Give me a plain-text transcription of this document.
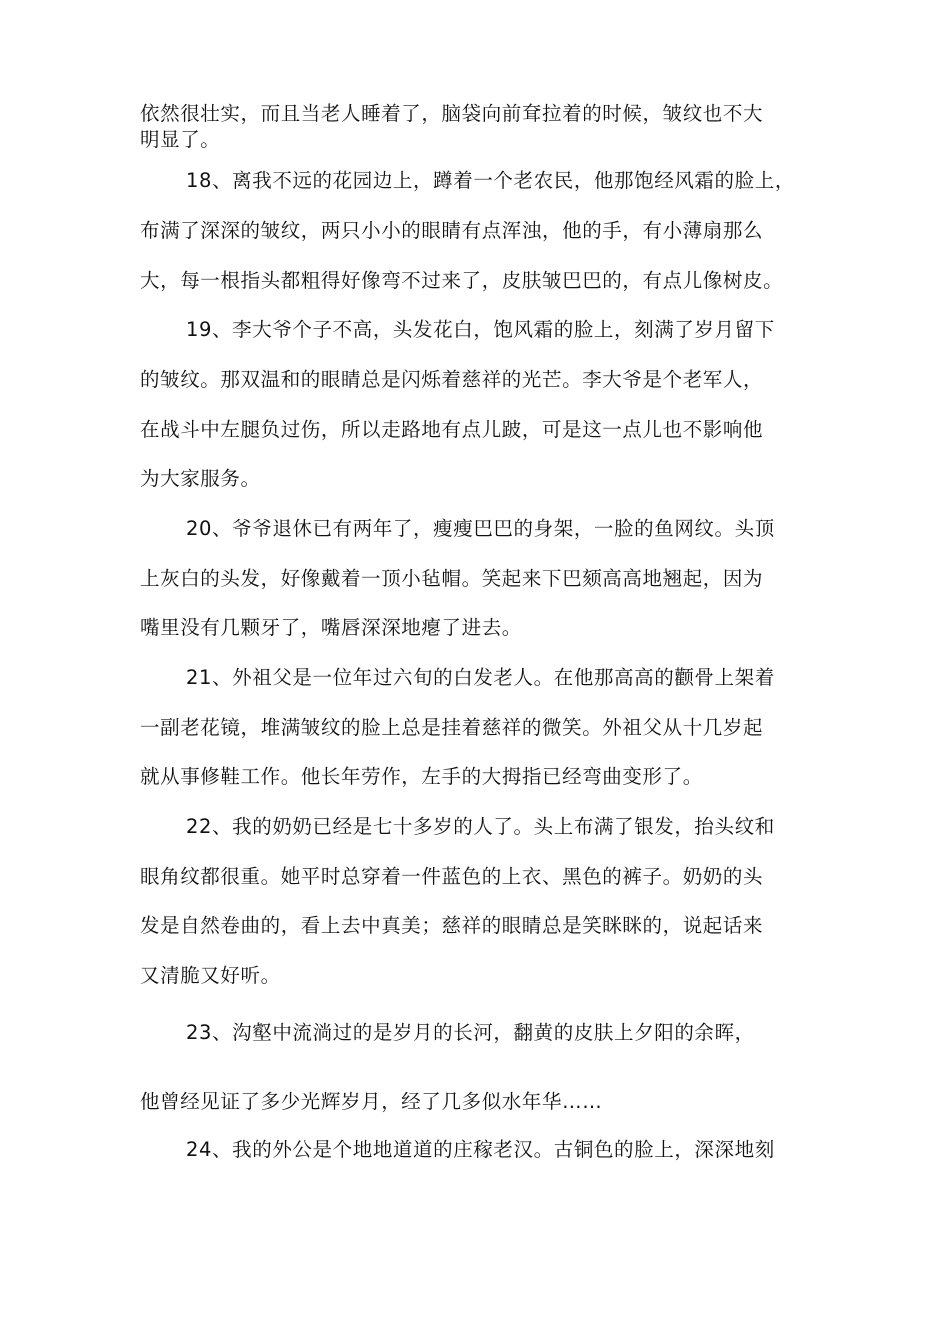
依然很壮实，而且当老人睡着了，脑袋向前耷拉着的时候，皱纹也不大
明显了。
18、离我不远的花园边上，蹲着一个老农民，他那饱经风霜的脸上，
布满了深深的皱纹，两只小小的眼睛有点浑浊，他的手，有小薄扇那么
大，每一根指头都粗得好像弯不过来了，皮肤皱巴巴的，有点儿像树皮。
19、李大爷个子不高，头发花白，饱风霜的脸上，刻满了岁月留下
的皱纹。那双温和的眼睛总是闪烁着慈祥的光芒。李大爷是个老军人，
在战斗中左腿负过伤，所以走路地有点儿跛，可是这一点儿也不影响他
为大家服务。
20、爷爷退休已有两年了，瘦瘦巴巴的身架，一脸的鱼网纹。头顶
上灰白的头发，好像戴着一顶小毡帽。笑起来下巴颏高高地翘起，因为
嘴里没有几颗牙了，嘴唇深深地瘪了进去。
21、外祖父是一位年过六旬的白发老人。在他那高高的颧骨上架着
一副老花镜，堆满皱纹的脸上总是挂着慈祥的微笑。外祖父从十几岁起
就从事修鞋工作。他长年劳作，左手的大拇指已经弯曲变形了。
22、我的奶奶已经是七十多岁的人了。头上布满了银发，抬头纹和
眼角纹都很重。她平时总穿着一件蓝色的上衣、黑色的裤子。奶奶的头
发是自然卷曲的，看上去中真美；慈祥的眼睛总是笑眯眯的，说起话来
又清脆又好听。
23、沟壑中流淌过的是岁月的长河，翻黄的皮肤上夕阳的余晖，
他曾经见证了多少光辉岁月，经了几多似水年华……
24、我的外公是个地地道道的庄稼老汉。古铜色的脸上，深深地刻
